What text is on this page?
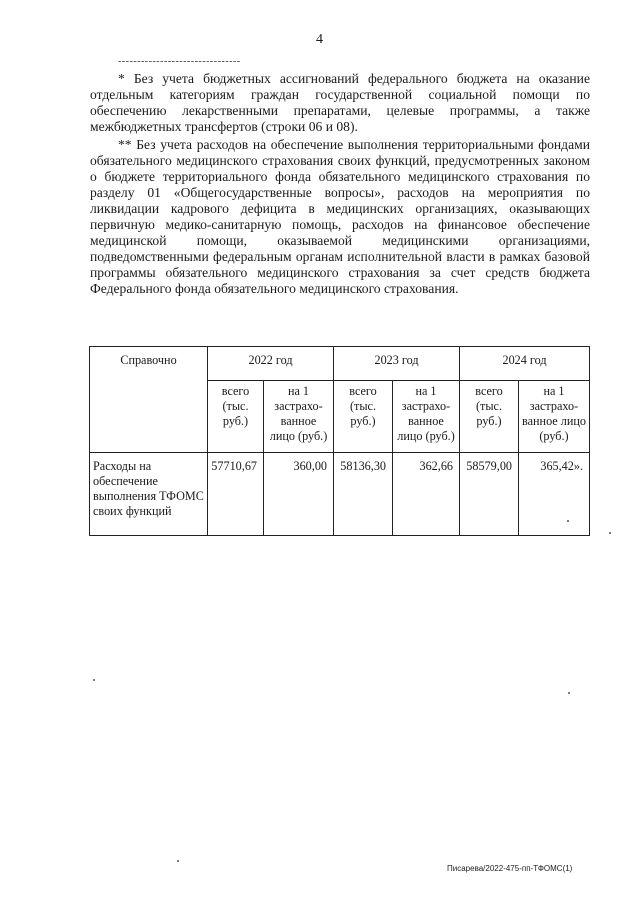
4
--------------------------------

* Без учета бюджетных ассигнований федерального бюджета на оказание отдельным категориям граждан государственной социальной помощи по обеспечению лекарственными препаратами, целевые программы, а также межбюджетных трансфертов (строки 06 и 08).

** Без учета расходов на обеспечение выполнения территориальными фондами обязательного медицинского страхования своих функций, предусмотренных законом о бюджете территориального фонда обязательного медицинского страхования по разделу 01 «Общегосударственные вопросы», расходов на мероприятия по ликвидации кадрового дефицита в медицинских организациях, оказывающих первичную медико-санитарную помощь, расходов на финансовое обеспечение медицинской помощи, оказываемой медицинскими организациями, подведомственными федеральным органам исполнительной власти в рамках базовой программы обязательного медицинского страхования за счет средств бюджета Федерального фонда обязательного медицинского страхования.

Справочно	2022 год		2023 год		2024 год	
	всего (тыс. руб.)	на 1 застрахо-ванное лицо (руб.)	всего (тыс. руб.)	на 1 застрахо-ванное лицо (руб.)	всего (тыс. руб.)	на 1 застрахо-ванное лицо (руб.)
Расходы на обеспечение выполнения ТФОМС своих функций	57710,67	360,00	58136,30	362,66	58579,00	365,42».
Писарева/2022-475-пп-ТФОМС(1)
